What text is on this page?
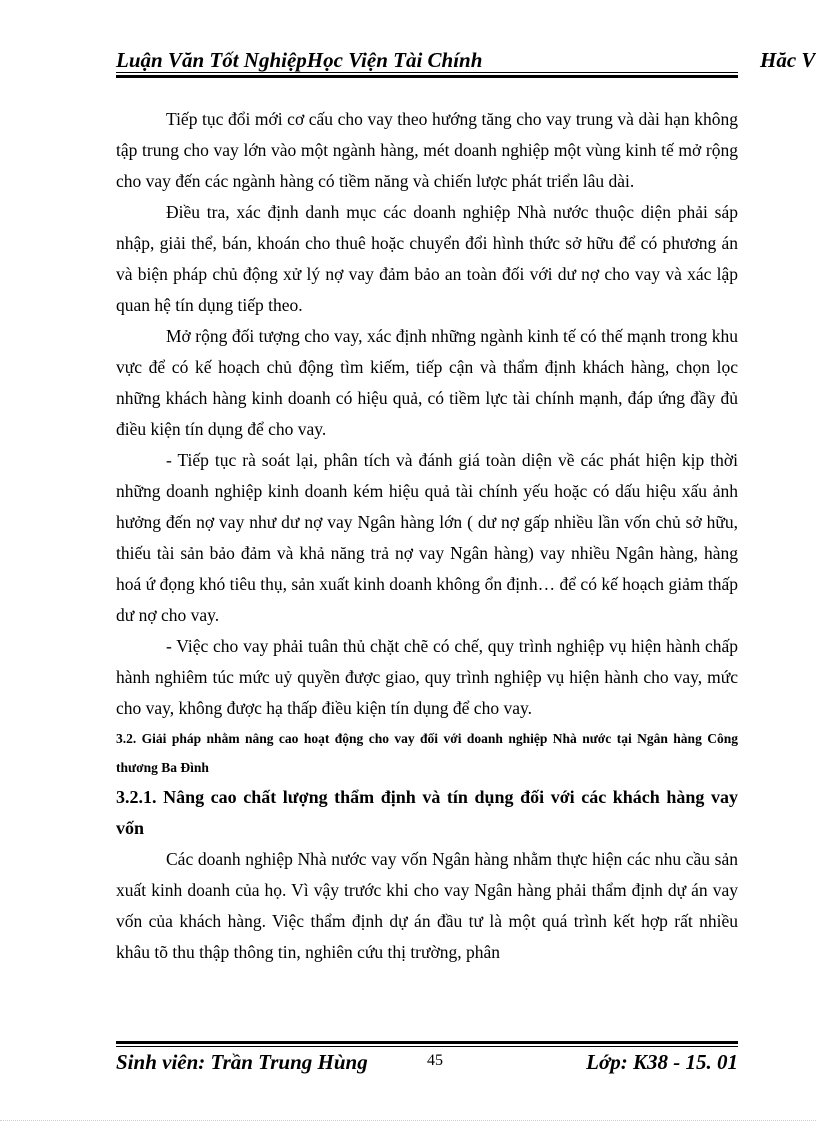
Luận Văn Tốt NghiệpHọc Viện Tài Chính	Hăc V

Tiếp tục đổi mới cơ cấu cho vay theo hướng tăng cho vay trung và dài hạn không tập trung cho vay lớn vào một ngành hàng, mét doanh nghiệp một vùng kinh tế mở rộng cho vay đến các ngành hàng có tiềm năng và chiến lược phát triển lâu dài.

Điều tra, xác định danh mục các doanh nghiệp Nhà nước thuộc diện phải sáp nhập, giải thể, bán, khoán cho thuê hoặc chuyển đổi hình thức sở hữu để có phương án và biện pháp chủ động xử lý nợ vay đảm bảo an toàn đối với dư nợ cho vay và xác lập quan hệ tín dụng tiếp theo.

Mở rộng đối tượng cho vay, xác định những ngành kinh tế có thế mạnh trong khu vực để có kế hoạch chủ động tìm kiếm, tiếp cận và thẩm định khách hàng, chọn lọc những khách hàng kinh doanh có hiệu quả, có tiềm lực tài chính mạnh, đáp ứng đầy đủ điều kiện tín dụng để cho vay.

- Tiếp tục rà soát lại, phân tích và đánh giá toàn diện về các phát hiện kịp thời những doanh nghiệp kinh doanh kém hiệu quả tài chính yếu hoặc có dấu hiệu xấu ảnh hưởng đến nợ vay như dư nợ vay Ngân hàng lớn ( dư nợ gấp nhiều lần vốn chủ sở hữu, thiếu tài sản bảo đảm và khả năng trả nợ vay Ngân hàng) vay nhiều Ngân hàng, hàng hoá ứ đọng khó tiêu thụ, sản xuất kinh doanh không ổn định… để có kế hoạch giảm thấp dư nợ cho vay.

- Việc cho vay phải tuân thủ chặt chẽ có chế, quy trình nghiệp vụ hiện hành chấp hành nghiêm túc mức uỷ quyền được giao, quy trình nghiệp vụ hiện hành cho vay, mức cho vay, không được hạ thấp điều kiện tín dụng để cho vay.

3.2. Giải pháp nhằm nâng cao hoạt động cho vay đối với doanh nghiệp Nhà nước tại Ngân hàng Công thương Ba Đình

3.2.1. Nâng cao chất lượng thẩm định và tín dụng đối với các khách hàng vay vốn

Các doanh nghiệp Nhà nước vay vốn Ngân hàng nhằm thực hiện các nhu cầu sản xuất kinh doanh của họ. Vì vậy trước khi cho vay Ngân hàng phải thẩm định dự án vay vốn của khách hàng. Việc thẩm định dự án đầu tư là một quá trình kết hợp rất nhiều khâu tõ thu thập thông tin, nghiên cứu thị trường, phân

Sinh viên: Trần Trung Hùng	45	Lớp: K38 - 15. 01
